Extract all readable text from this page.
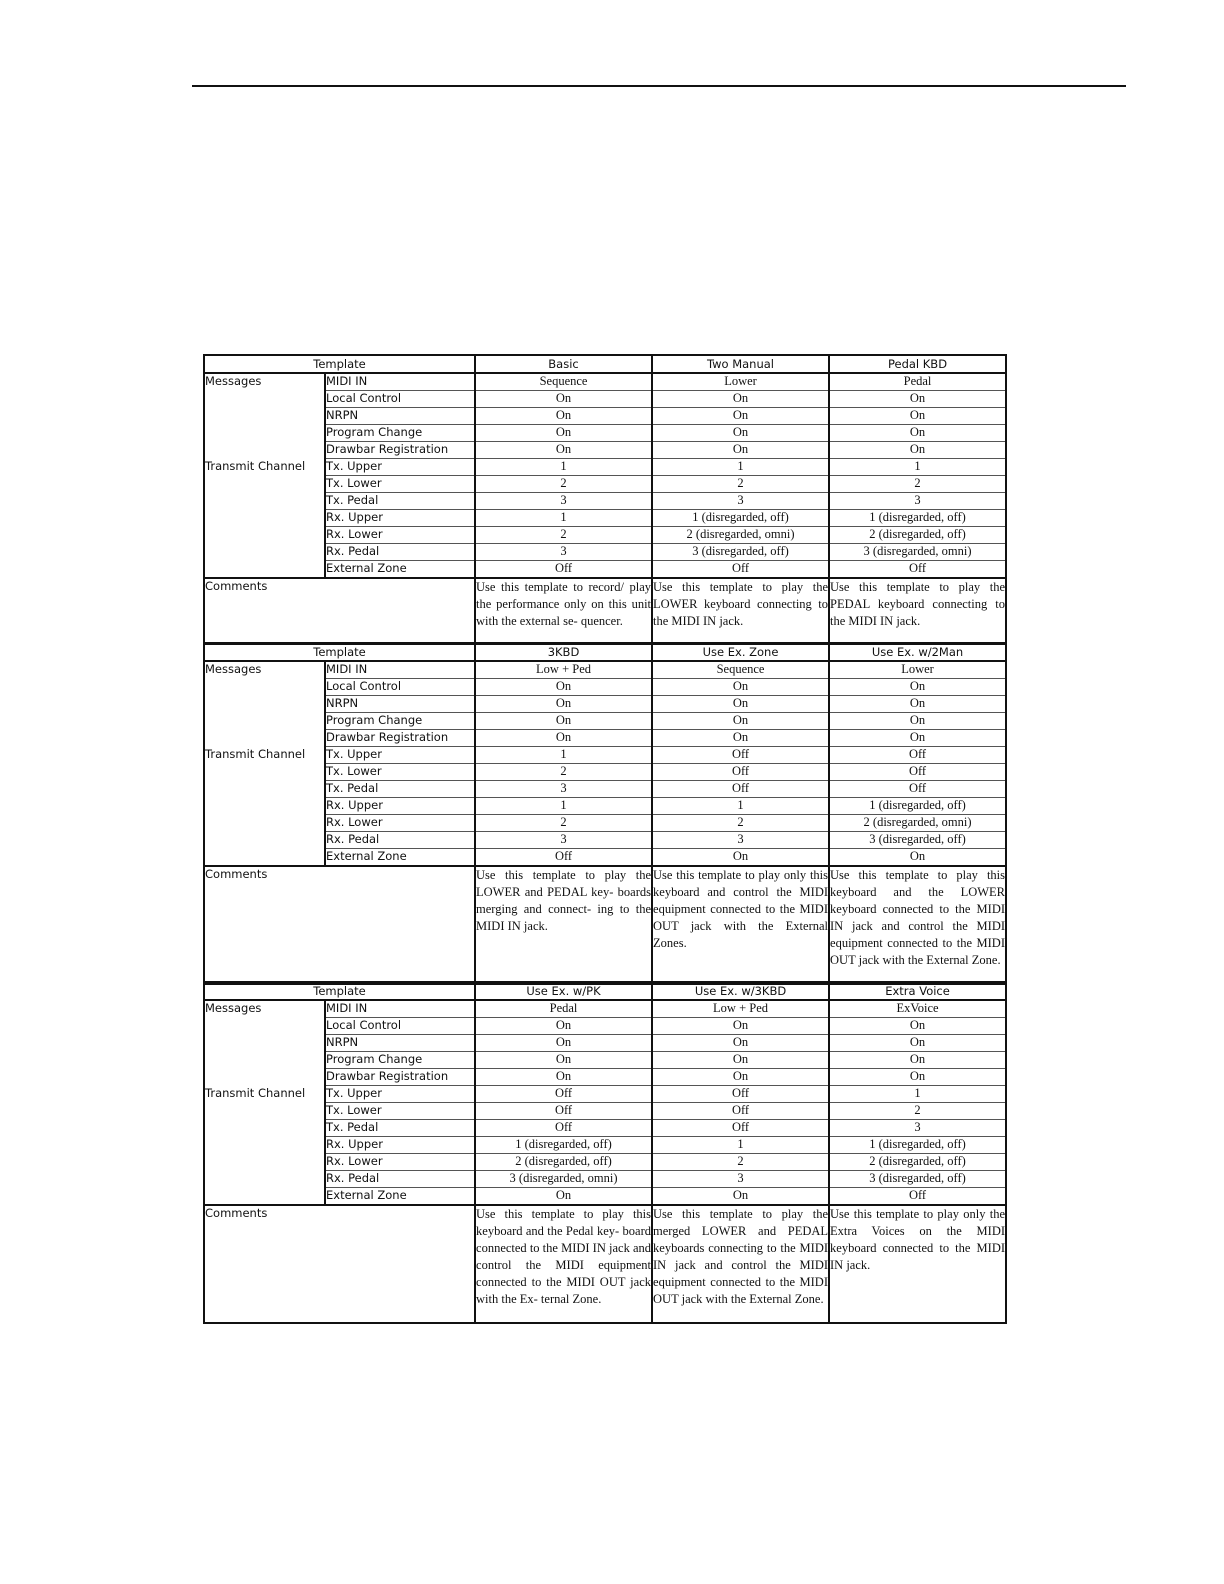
Template		Basic	Two Manual	Pedal KBD
Messages	MIDI IN	Sequence	Lower	Pedal
	Local Control	On	On	On
	NRPN	On	On	On
	Program Change	On	On	On
	Drawbar Registration	On	On	On
Transmit Channel	Tx. Upper	1	1	1
	Tx. Lower	2	2	2
	Tx. Pedal	3	3	3
	Rx. Upper	1	1 (disregarded, off)	1 (disregarded, off)
	Rx. Lower	2	2 (disregarded, omni)	2 (disregarded, off)
	Rx. Pedal	3	3 (disregarded, off)	3 (disregarded, omni)
	External Zone	Off	Off	Off
Comments		Use this template to record/ play the performance only on this unit with the external se- quencer.	Use this template to play the LOWER keyboard connecting to the MIDI IN jack.	Use this template to play the PEDAL keyboard connecting to the MIDI IN jack.
Template		3KBD	Use Ex. Zone	Use Ex. w/2Man
Messages	MIDI IN	Low + Ped	Sequence	Lower
	Local Control	On	On	On
	NRPN	On	On	On
	Program Change	On	On	On
	Drawbar Registration	On	On	On
Transmit Channel	Tx. Upper	1	Off	Off
	Tx. Lower	2	Off	Off
	Tx. Pedal	3	Off	Off
	Rx. Upper	1	1	1 (disregarded, off)
	Rx. Lower	2	2	2 (disregarded, omni)
	Rx. Pedal	3	3	3 (disregarded, off)
	External Zone	Off	On	On
Comments		Use this template to play the LOWER and PEDAL key- boards merging and connect- ing to the MIDI IN jack.	Use this template to play only this keyboard and control the MIDI equipment connected to the MIDI OUT jack with the External Zones.	Use this template to play this keyboard and the LOWER keyboard connected to the MIDI IN jack and control the MIDI equipment connected to the MIDI OUT jack with the External Zone.
Template		Use Ex. w/PK	Use Ex. w/3KBD	Extra Voice
Messages	MIDI IN	Pedal	Low + Ped	ExVoice
	Local Control	On	On	On
	NRPN	On	On	On
	Program Change	On	On	On
	Drawbar Registration	On	On	On
Transmit Channel	Tx. Upper	Off	Off	1
	Tx. Lower	Off	Off	2
	Tx. Pedal	Off	Off	3
	Rx. Upper	1 (disregarded, off)	1	1 (disregarded, off)
	Rx. Lower	2 (disregarded, off)	2	2 (disregarded, off)
	Rx. Pedal	3 (disregarded, omni)	3	3 (disregarded, off)
	External Zone	On	On	Off
Comments		Use this template to play this keyboard and the Pedal key- board connected to the MIDI IN jack and control the MIDI equipment connected to the MIDI OUT jack with the Ex- ternal Zone.	Use this template to play the merged LOWER and PEDAL keyboards connecting to the MIDI IN jack and control the MIDI equipment connected to the MIDI OUT jack with the External Zone.	Use this template to play only the Extra Voices on the MIDI keyboard connected to the MIDI IN jack.
